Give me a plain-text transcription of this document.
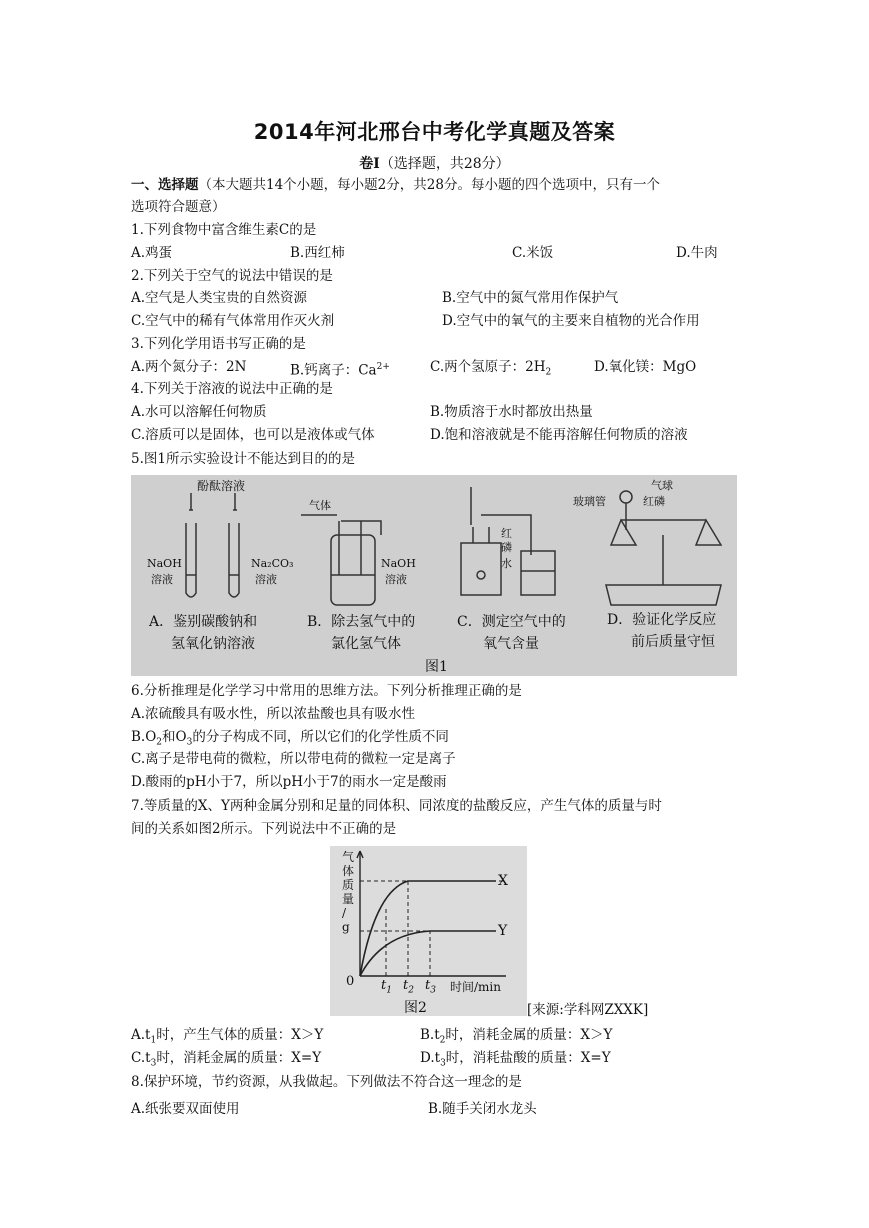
2014年河北邢台中考化学真题及答案
卷Ⅰ（选择题，共28分）
一、选择题（本大题共14个小题，每小题2分，共28分。每小题的四个选项中，只有一个
选项符合题意）
1.下列食物中富含维生素C的是
A.鸡蛋	B.西红柿	C.米饭	D.牛肉
2.下列关于空气的说法中错误的是
A.空气是人类宝贵的自然资源	B.空气中的氮气常用作保护气
C.空气中的稀有气体常用作灭火剂	D.空气中的氧气的主要来自植物的光合作用
3.下列化学用语书写正确的是
A.两个氮分子：2N	B.钙离子：$Ca^{2+}$	C.两个氢原子：$2H_2$	D.氧化镁：MgO
4.下列关于溶液的说法中正确的是
A.水可以溶解任何物质	B.物质溶于水时都放出热量
C.溶质可以是固体，也可以是液体或气体	D.饱和溶液就是不能再溶解任何物质的溶液
5.图1所示实验设计不能达到目的的是
酚酞溶液
NaOH
溶液
Na₂CO₃
溶液
气体
NaOH
溶液
红
磷
水
气球
玻璃管	红磷
A．鉴别碳酸钠和
氢氧化钠溶液
B．除去氢气中的
氯化氢气体
C．测定空气中的
氧气含量
D．验证化学反应
前后质量守恒
图1
6.分析推理是化学学习中常用的思维方法。下列分析推理正确的是
A.浓硫酸具有吸水性，所以浓盐酸也具有吸水性
$B.O_2$和$O_3$的分子构成不同，所以它们的化学性质不同
C.离子是带电荷的微粒，所以带电荷的微粒一定是离子
D.酸雨的pH小于7，所以pH小于7的雨水一定是酸雨
7.等质量的X、Y两种金属分别和足量的同体积、同浓度的盐酸反应，产生气体的质量与时
间的关系如图2所示。下列说法中不正确的是
气
体
质
量
/
g
0
X
Y
$t_1$ $t_2$ $t_3$ 时间/min
图2	[来源:学科网ZXXK]
$A.t_1$时，产生气体的质量：X＞Y	$B.t_2$时，消耗金属的质量：X＞Y
$C.t_3$时，消耗金属的质量：X=Y	$D.t_3$时，消耗盐酸的质量：X=Y
8.保护环境，节约资源，从我做起。下列做法不符合这一理念的是
A.纸张要双面使用	B.随手关闭水龙头
